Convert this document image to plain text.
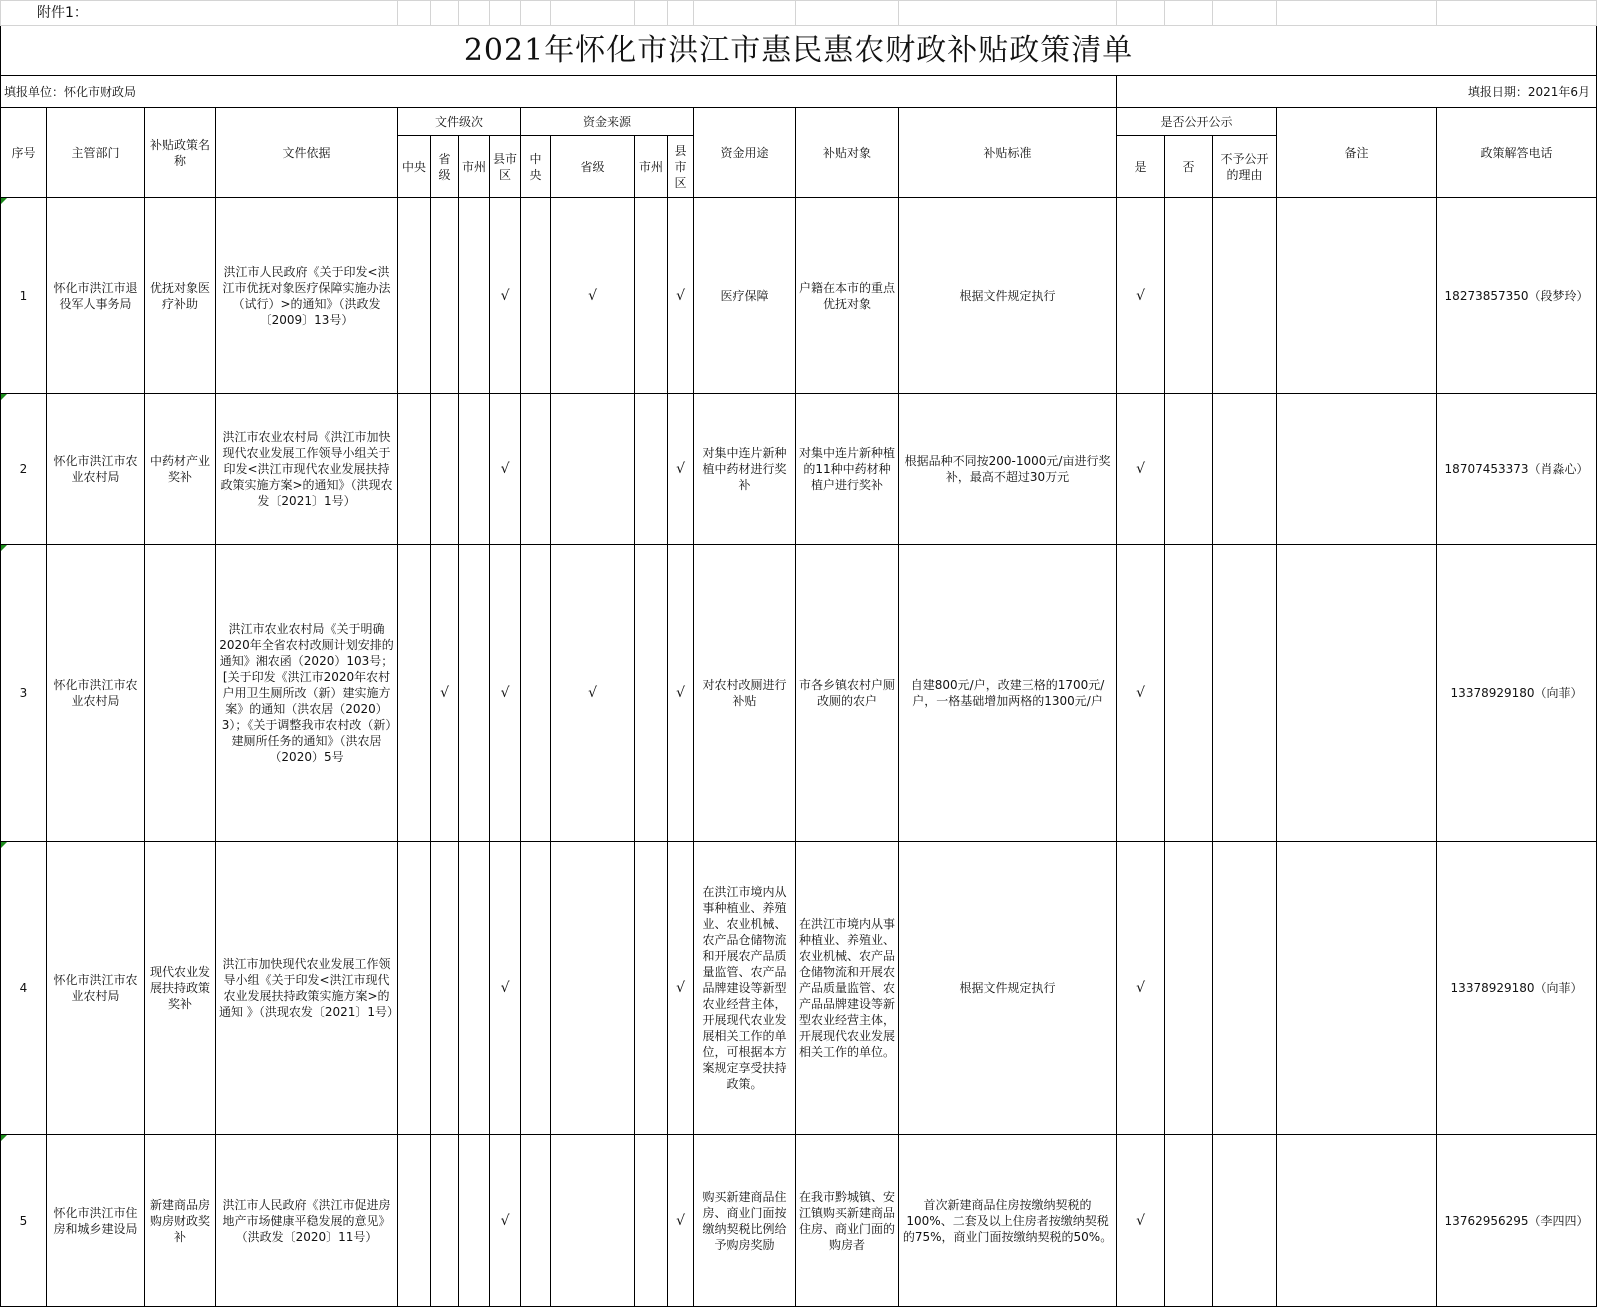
附件1：																			
2021年怀化市洪江市惠民惠农财政补贴政策清单																			
填报单位：怀化市财政局															填报日期：2021年6月				
序号	主管部门	补贴政策名称	文件依据	文件级次				资金来源				资金用途	补贴对象	补贴标准	是否公开公示			备注	政策解答电话
				中央	省级	市州	县市区	中央	省级	市州	县市区				是	否	不予公开的理由		

1	怀化市洪江市退役军人事务局	优抚对象医疗补助	洪江市人民政府《关于印发<洪江市优抚对象医疗保障实施办法（试行）>的通知》（洪政发〔2009〕13号）				√		√		√	医疗保障	户籍在本市的重点优抚对象	根据文件规定执行	√				18273857350（段梦玲）

2	怀化市洪江市农业农村局	中药材产业奖补	洪江市农业农村局《洪江市加快现代农业发展工作领导小组关于印发<洪江市现代农业发展扶持政策实施方案>的通知》（洪现农发〔2021〕1号）				√				√	对集中连片新种植中药材进行奖补	对集中连片新种植的11种中药材种植户进行奖补	根据品种不同按200-1000元/亩进行奖补，最高不超过30万元	√				18707453373（肖淼心）

3	怀化市洪江市农业农村局		洪江市农业农村局《关于明确2020年全省农村改厕计划安排的通知》湘农函（2020）103号；[关于印发《洪江市2020年农村户用卫生厕所改（新）建实施方案》的通知（洪农居（2020）3）；《关于调整我市农村改（新）建厕所任务的通知》（洪农居（2020）5号		√		√		√		√	对农村改厕进行补贴	市各乡镇农村户厕改厕的农户	自建800元/户，改建三格的1700元/户，一格基础增加两格的1300元/户	√				13378929180（向菲）

4	怀化市洪江市农业农村局	现代农业发展扶持政策奖补	洪江市加快现代农业发展工作领导小组《关于印发<洪江市现代农业发展扶持政策实施方案>的通知 》（洪现农发〔2021〕1号）				√				√	在洪江市境内从事种植业、养殖业、农业机械、农产品仓储物流和开展农产品质量监管、农产品品牌建设等新型农业经营主体，开展现代农业发展相关工作的单位，可根据本方案规定享受扶持政策。	在洪江市境内从事种植业、养殖业、农业机械、农产品仓储物流和开展农产品质量监管、农产品品牌建设等新型农业经营主体，开展现代农业发展相关工作的单位。	根据文件规定执行	√				13378929180（向菲）

5	怀化市洪江市住房和城乡建设局	新建商品房购房财政奖补	洪江市人民政府《洪江市促进房地产市场健康平稳发展的意见》（洪政发〔2020〕11号）				√				√	购买新建商品住房、商业门面按缴纳契税比例给予购房奖励	在我市黔城镇、安江镇购买新建商品住房、商业门面的购房者	首次新建商品住房按缴纳契税的100%、二套及以上住房者按缴纳契税的75%，商业门面按缴纳契税的50%。	√				13762956295（李四四）
